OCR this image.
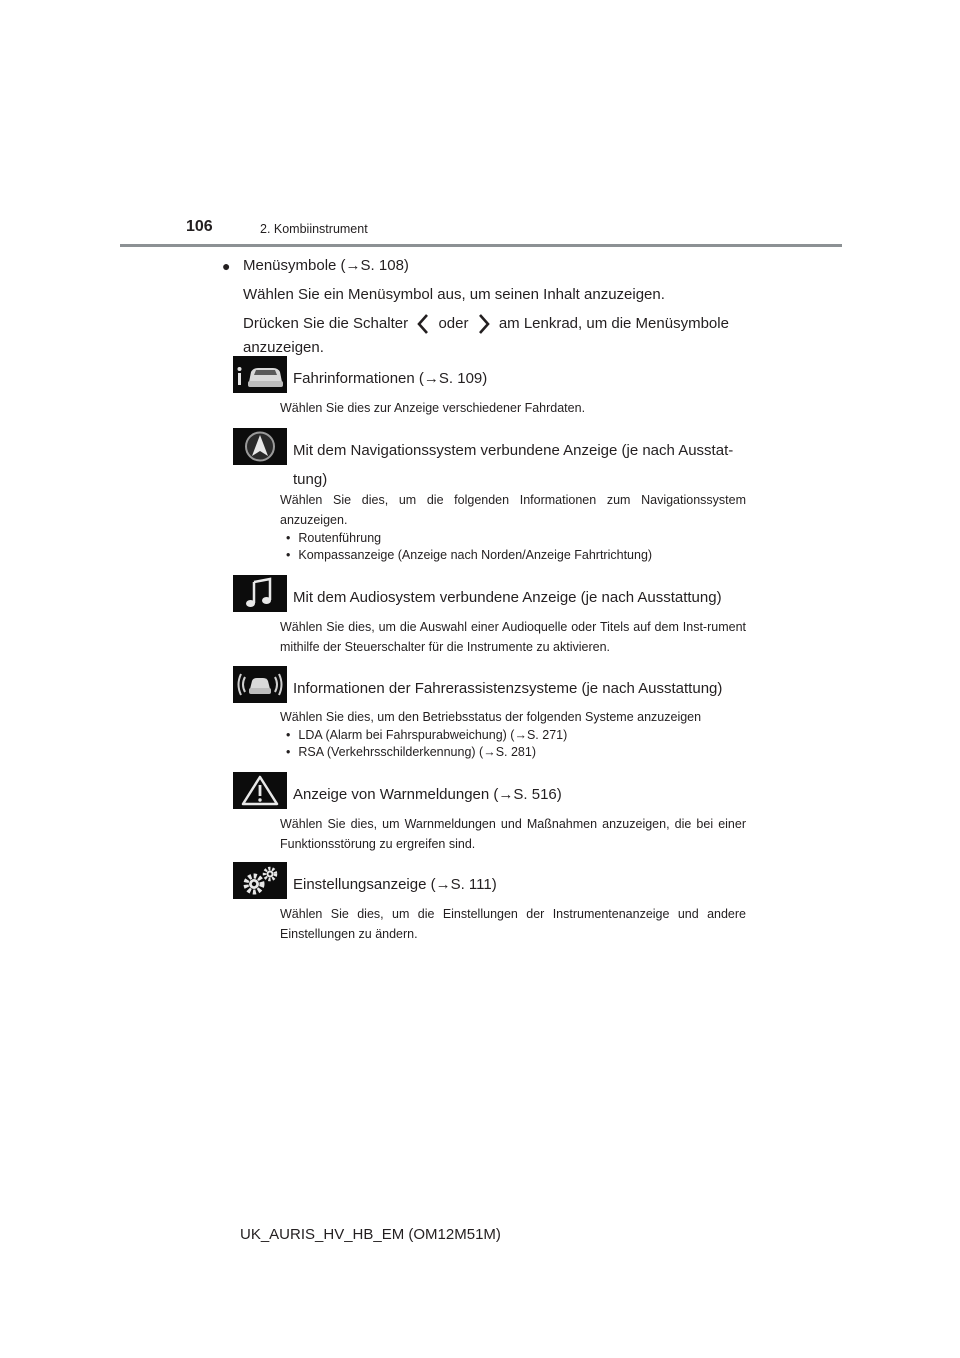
106	2. Kombiinstrument
● Menüsymbole (→S. 108)

Wählen Sie ein Menüsymbol aus, um seinen Inhalt anzuzeigen.

Drücken Sie die Schalter oder am Lenkrad, um die Menüsymbole

anzuzeigen.

Fahrinformationen (→S. 109)
Wählen Sie dies zur Anzeige verschiedener Fahrdaten.
Mit dem Navigationssystem verbundene Anzeige (je nach Ausstat-tung)
Wählen Sie dies, um die folgenden Informationen zum Navigationssystem anzuzeigen.
• Routenführung
• Kompassanzeige (Anzeige nach Norden/Anzeige Fahrtrichtung)
Mit dem Audiosystem verbundene Anzeige (je nach Ausstattung)
Wählen Sie dies, um die Auswahl einer Audioquelle oder Titels auf dem Inst-rument mithilfe der Steuerschalter für die Instrumente zu aktivieren.
Informationen der Fahrerassistenzsysteme (je nach Ausstattung)
Wählen Sie dies, um den Betriebsstatus der folgenden Systeme anzuzeigen
• LDA (Alarm bei Fahrspurabweichung) (→S. 271)
• RSA (Verkehrsschilderkennung) (→S. 281)
Anzeige von Warnmeldungen (→S. 516)
Wählen Sie dies, um Warnmeldungen und Maßnahmen anzuzeigen, die bei einer Funktionsstörung zu ergreifen sind.
Einstellungsanzeige (→S. 111)
Wählen Sie dies, um die Einstellungen der Instrumentenanzeige und andere Einstellungen zu ändern.
UK_AURIS_HV_HB_EM (OM12M51M)
